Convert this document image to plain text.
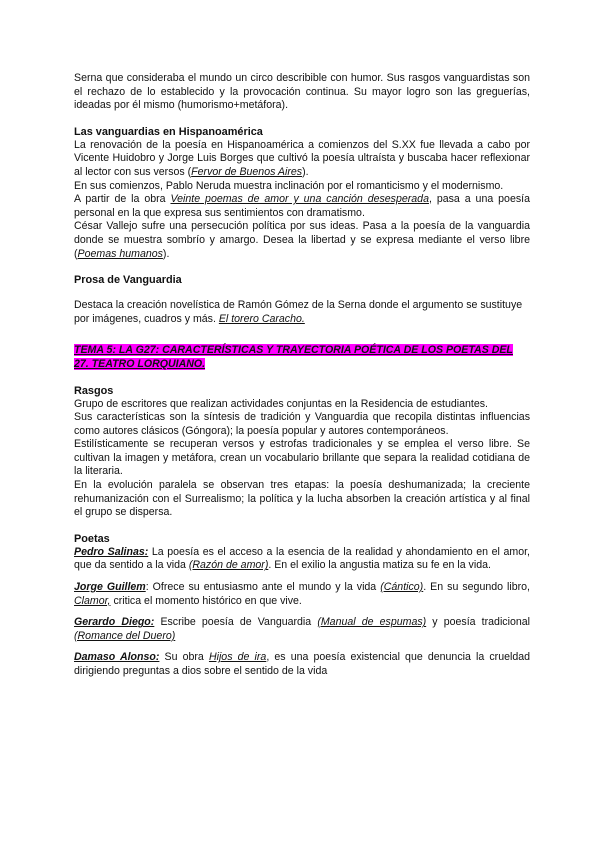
Serna que consideraba el mundo un circo describible con humor. Sus rasgos vanguardistas son el rechazo de lo establecido y la provocación continua. Su mayor logro son las greguerías, ideadas por él mismo (humorismo+metáfora).

Las vanguardias en Hispanoamérica

La renovación de la poesía en Hispanoamérica a comienzos del S.XX fue llevada a cabo por Vicente Huidobro y Jorge Luis Borges que cultivó la poesía ultraísta y buscaba hacer reflexionar al lector con sus versos (Fervor de Buenos Aires).

En sus comienzos, Pablo Neruda muestra inclinación por el romanticismo y el modernismo.

A partir de la obra Veinte poemas de amor y una canción desesperada, pasa a una poesía personal en la que expresa sus sentimientos con dramatismo.

César Vallejo sufre una persecución política por sus ideas. Pasa a la poesía de la vanguardia donde se muestra sombrío y amargo. Desea la libertad y se expresa mediante el verso libre (Poemas humanos).

Prosa de Vanguardia

Destaca la creación novelística de Ramón Gómez de la Serna donde el argumento se sustituye por imágenes, cuadros y más. El torero Caracho.

TEMA 5: LA G27: CARACTERÍSTICAS Y TRAYECTORIA POÉTICA DE LOS POETAS DEL 27. TEATRO LORQUIANO.

Rasgos

Grupo de escritores que realizan actividades conjuntas en la Residencia de estudiantes.

Sus características son la síntesis de tradición y Vanguardia que recopila distintas influencias como autores clásicos (Góngora); la poesía popular y autores contemporáneos.

Estilísticamente se recuperan versos y estrofas tradicionales y se emplea el verso libre. Se cultivan la imagen y metáfora, crean un vocabulario brillante que separa la realidad cotidiana de la literaria.

En la evolución paralela se observan tres etapas: la poesía deshumanizada; la creciente rehumanización con el Surrealismo; la política y la lucha absorben la creación artística y al final el grupo se dispersa.

Poetas

Pedro Salinas: La poesía es el acceso a la esencia de la realidad y ahondamiento en el amor, que da sentido a la vida (Razón de amor). En el exilio la angustia matiza su fe en la vida.

Jorge Guillem: Ofrece su entusiasmo ante el mundo y la vida (Cántico). En su segundo libro, Clamor, critica el momento histórico en que vive.

Gerardo Diego: Escribe poesía de Vanguardia (Manual de espumas) y poesía tradicional (Romance del Duero)

Damaso Alonso: Su obra Hijos de ira, es una poesía existencial que denuncia la crueldad dirigiendo preguntas a dios sobre el sentido de la vida
